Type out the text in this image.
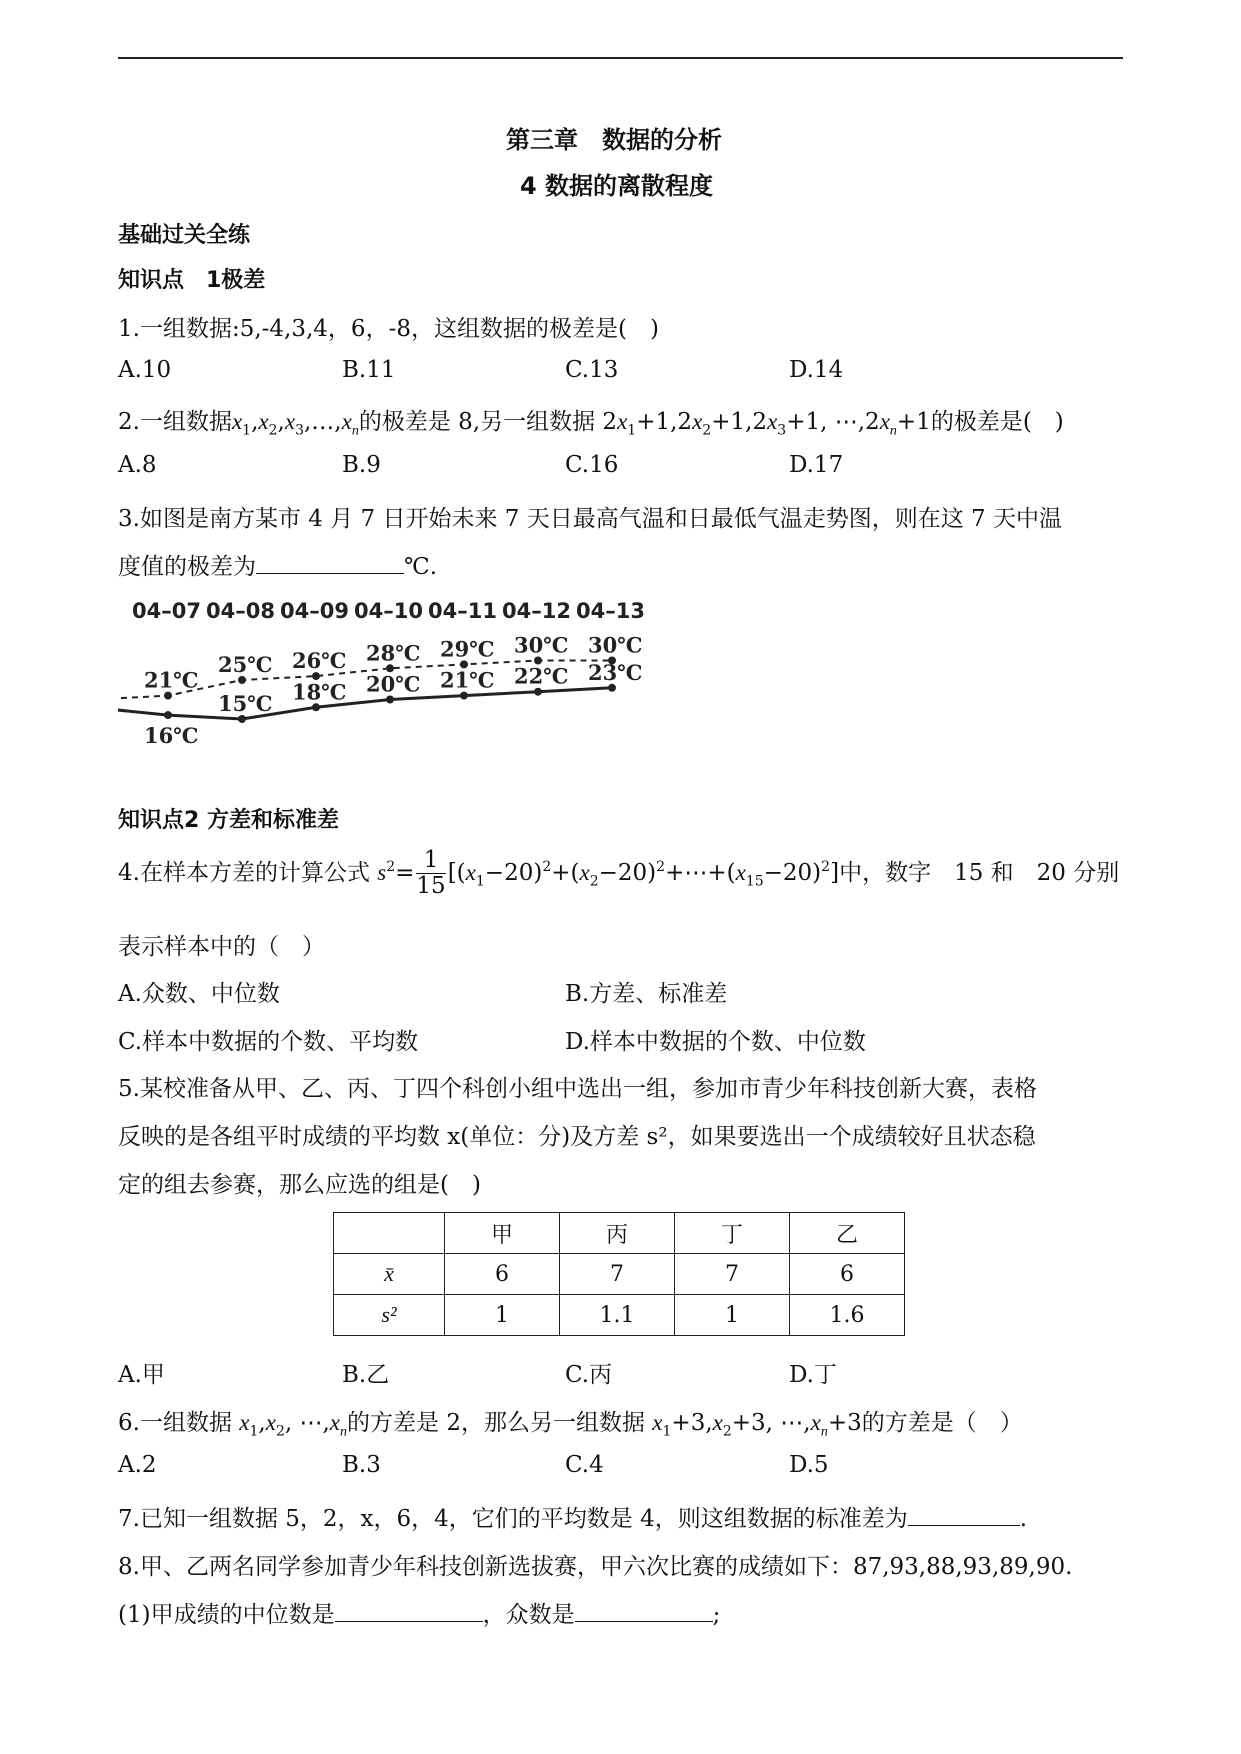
第三章　数据的分析
4 数据的离散程度
基础过关全练
知识点　1极差
1.一组数据:5,-4,3,4，6，-8，这组数据的极差是(　)
A.10	B.11	C.13	D.14
2.一组数据$x_1,x_2,x_3,\dots,x_n$的极差是 8,另一组数据 $2x_1+1,2x_2+1,2x_3+1$, $\cdots,2x_n+1$的极差是(　)
A.8	B.9	C.16	D.17
3.如图是南方某市 4 月 7 日开始未来 7 天日最高气温和日最低气温走势图，则在这 7 天中温
度值的极差为	℃.
04–07 04–08 04–09 04–10 04–11 04–12 04–13
21℃
25℃ 26℃ 28℃ 29℃ 30℃ 30℃
16℃
15℃ 18℃ 20℃ 21℃ 22℃ 23℃
知识点2 方差和标准差
4.在样本方差的计算公式 $s^2= \frac{1}{15}$ $[(x_1-20)^2+(x_2-20)^2+\cdots+(x_{15}-20)^2]$中，数字　15 和　20 分别
表示样本中的（　）
A.众数、中位数	B.方差、标准差
C.样本中数据的个数、平均数	D.样本中数据的个数、中位数
5.某校准备从甲、乙、丙、丁四个科创小组中选出一组，参加市青少年科技创新大赛，表格
反映的是各组平时成绩的平均数 x(单位：分)及方差 s²，如果要选出一个成绩较好且状态稳
定的组去参赛，那么应选的组是(　)
	甲	丙	丁	乙
x̄	6	7	7	6
s²	1	1.1	1	1.6
A.甲	B.乙	C.丙	D.丁
6.一组数据 $x_1,x_2$, $\cdots,x_n$的方差是 2，那么另一组数据 $x_1+3,x_2+3$, $\cdots,x_n+3$的方差是（　）
A.2	B.3	C.4	D.5
7.已知一组数据 5，2，x，6，4，它们的平均数是 4，则这组数据的标准差为	.
8.甲、乙两名同学参加青少年科技创新选拔赛，甲六次比赛的成绩如下：87,93,88,93,89,90.
(1)甲成绩的中位数是	，众数是	;
